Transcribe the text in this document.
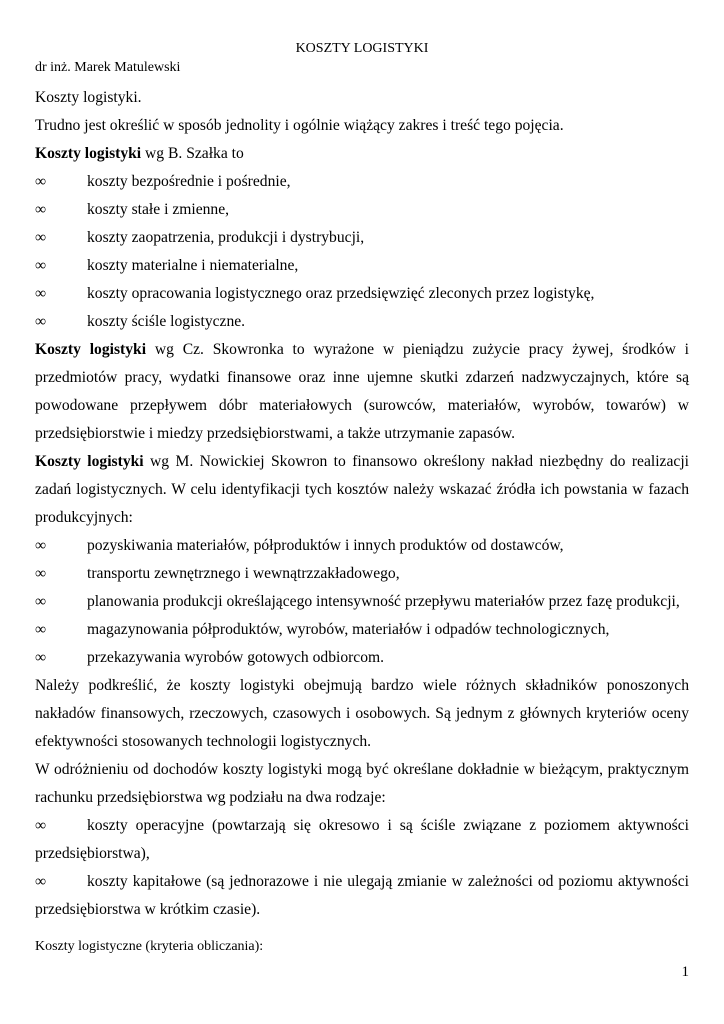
KOSZTY LOGISTYKI
dr inż. Marek Matulewski

Koszty logistyki.

Trudno jest określić w sposób jednolity i ogólnie wiążący zakres i treść tego pojęcia.

Koszty logistyki wg B. Szałka to

∞	koszty bezpośrednie i pośrednie,
∞	koszty stałe i zmienne,
∞	koszty zaopatrzenia, produkcji i dystrybucji,
∞	koszty materialne i niematerialne,
∞	koszty opracowania logistycznego oraz przedsięwzięć zleconych przez logistykę,
∞	koszty ściśle logistyczne.

Koszty logistyki wg Cz. Skowronka to wyrażone w pieniądzu zużycie pracy żywej, środków i przedmiotów pracy, wydatki finansowe oraz inne ujemne skutki zdarzeń nadzwyczajnych, które są powodowane przepływem dóbr materiałowych (surowców, materiałów, wyrobów, towarów) w przedsiębiorstwie i miedzy przedsiębiorstwami, a także utrzymanie zapasów.

Koszty logistyki wg M. Nowickiej Skowron to finansowo określony nakład niezbędny do realizacji zadań logistycznych. W celu identyfikacji tych kosztów należy wskazać źródła ich powstania w fazach produkcyjnych:

∞	pozyskiwania materiałów, półproduktów i innych produktów od dostawców,
∞	transportu zewnętrznego i wewnątrzzakładowego,
∞	planowania produkcji określającego intensywność przepływu materiałów przez fazę produkcji,
∞	magazynowania półproduktów, wyrobów, materiałów i odpadów technologicznych,
∞	przekazywania wyrobów gotowych odbiorcom.

Należy podkreślić, że koszty logistyki obejmują bardzo wiele różnych składników ponoszonych nakładów finansowych, rzeczowych, czasowych i osobowych. Są jednym z głównych kryteriów oceny efektywności stosowanych technologii logistycznych.

W odróżnieniu od dochodów koszty logistyki mogą być określane dokładnie w bieżącym, praktycznym rachunku przedsiębiorstwa wg podziału na dwa rodzaje:

∞	koszty operacyjne (powtarzają się okresowo i są ściśle związane z poziomem aktywności przedsiębiorstwa),

∞	koszty kapitałowe (są jednorazowe i nie ulegają zmianie w zależności od poziomu aktywności przedsiębiorstwa w krótkim czasie).

Koszty logistyczne (kryteria obliczania):

1
